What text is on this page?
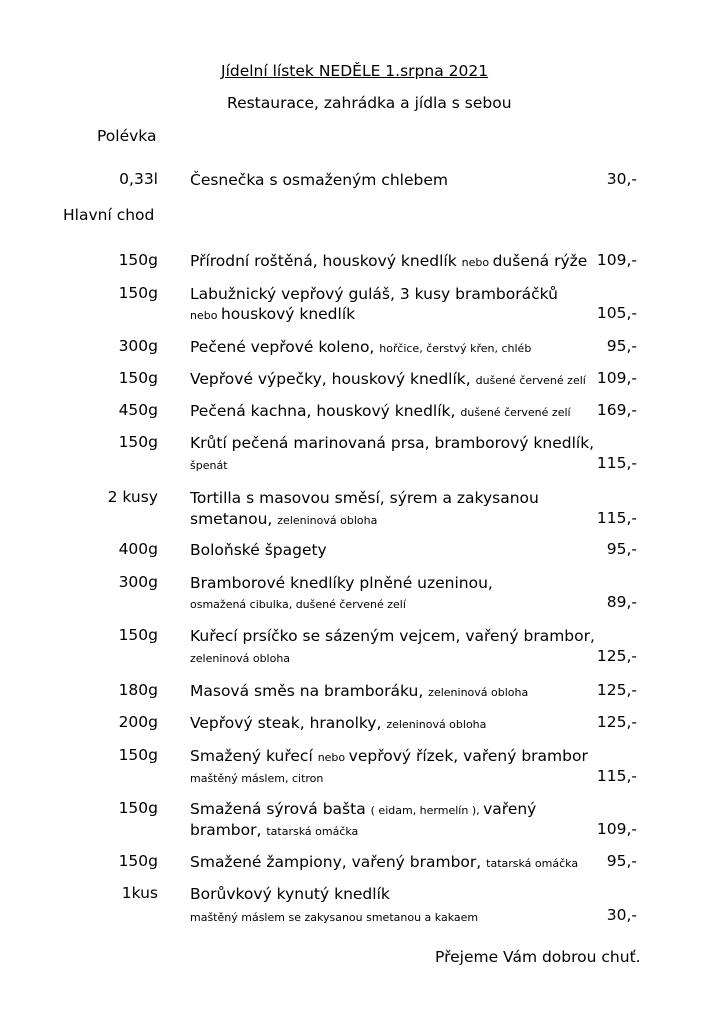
Jídelní lístek NEDĚLE 1.srpna 2021
Restaurace, zahrádka a jídla s sebou
Polévka
Hlavní chod
Přejeme Vám dobrou chuť.
0,33l Česnečka s osmaženým chlebem	30,-
150g Přírodní roštěná, houskový knedlík nebo dušená rýže 109,-
150g Labužnický vepřový guláš, 3 kusy bramboráčků
nebo houskový knedlík	105,-
300g Pečené vepřové koleno, hořčice, čerstvý křen, chléb	95,-
150g Vepřové výpečky, houskový knedlík, dušené červené zelí 109,-
450g Pečená kachna, houskový knedlík, dušené červené zelí 169,-
150g Krůtí pečená marinovaná prsa, bramborový knedlík,
špenát	115,-
2 kusy Tortilla s masovou směsí, sýrem a zakysanou
smetanou, zeleninová obloha	115,-
400g Boloňské špagety	95,-
300g Bramborové knedlíky plněné uzeninou,
osmažená cibulka, dušené červené zelí	89,-
150g Kuřecí prsíčko se sázeným vejcem, vařený brambor,
zeleninová obloha	125,-
180g Masová směs na bramboráku, zeleninová obloha	125,-
200g Vepřový steak, hranolky, zeleninová obloha	125,-
150g Smažený kuřecí nebo vepřový řízek, vařený brambor
maštěný máslem, citron	115,-
150g Smažená sýrová bašta ( eidam, hermelín ), vařený
brambor, tatarská omáčka	109,-
150g Smažené žampiony, vařený brambor, tatarská omáčka 95,-
1kus Borůvkový kynutý knedlík
maštěný máslem se zakysanou smetanou a kakaem	30,-
